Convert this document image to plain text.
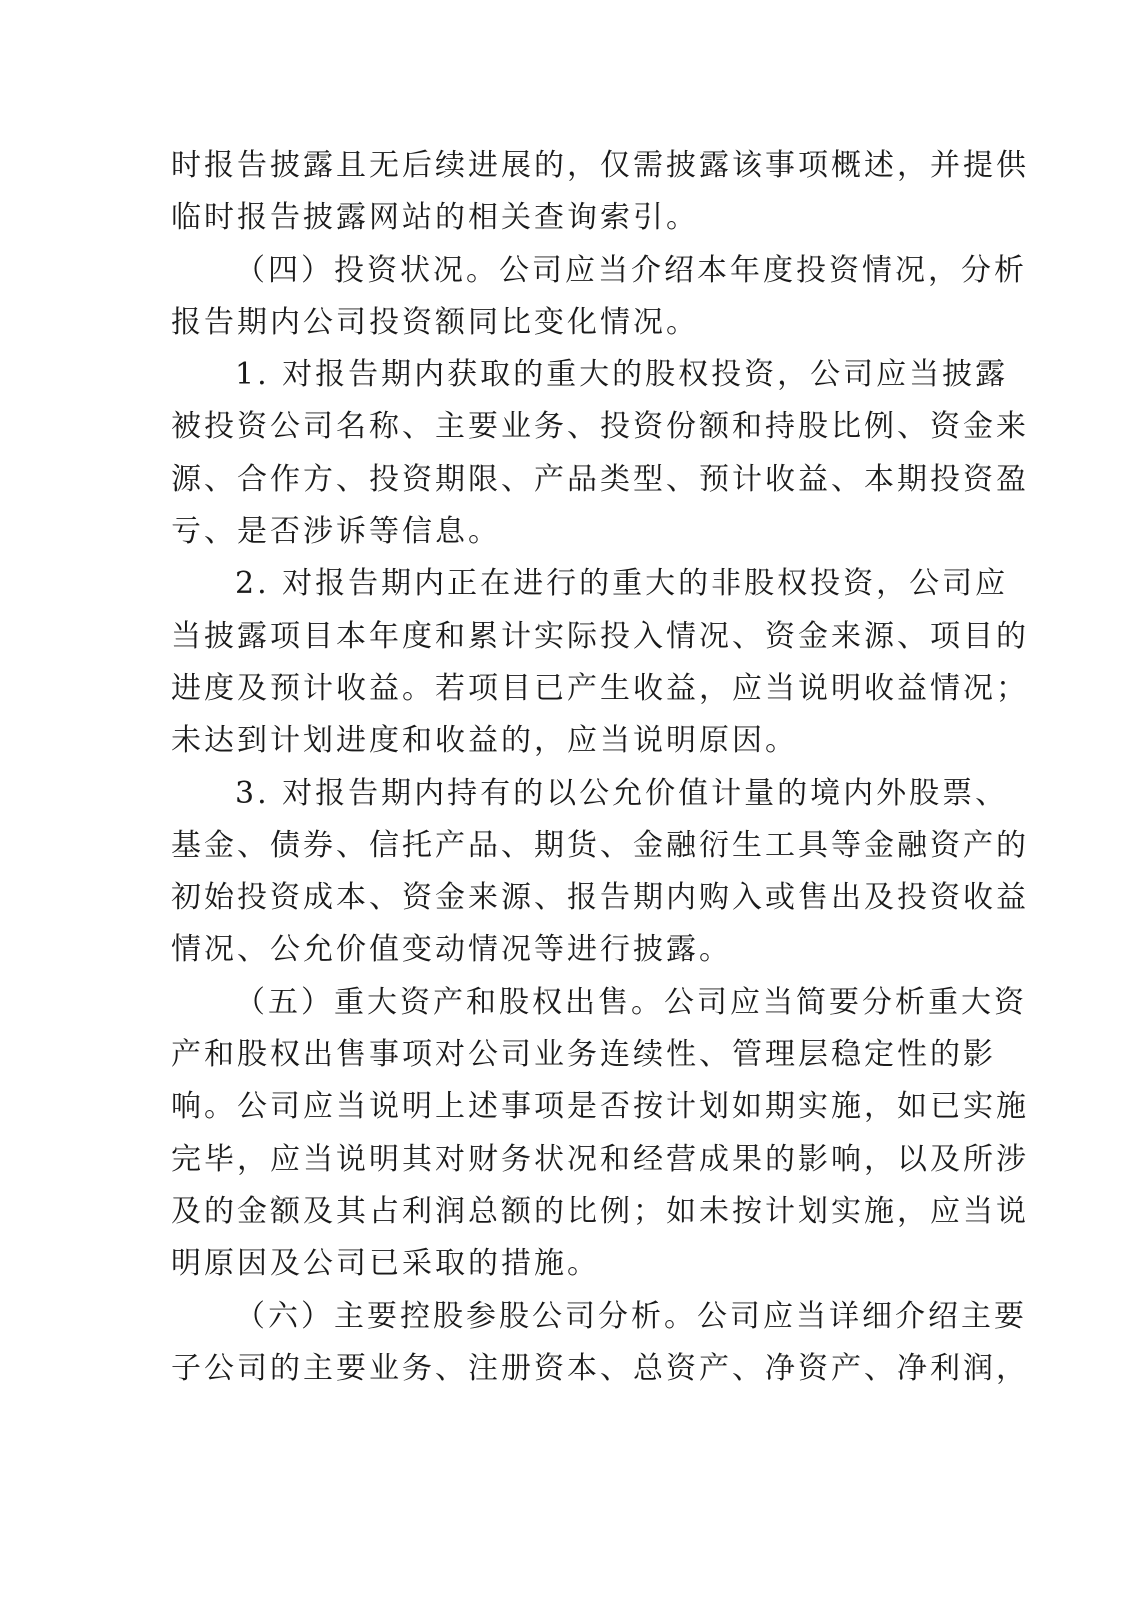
时报告披露且无后续进展的，仅需披露该事项概述，并提供
临时报告披露网站的相关查询索引。
（四）投资状况。公司应当介绍本年度投资情况，分析
报告期内公司投资额同比变化情况。
1. 对报告期内获取的重大的股权投资，公司应当披露
被投资公司名称、主要业务、投资份额和持股比例、资金来
源、合作方、投资期限、产品类型、预计收益、本期投资盈
亏、是否涉诉等信息。
2. 对报告期内正在进行的重大的非股权投资，公司应
当披露项目本年度和累计实际投入情况、资金来源、项目的
进度及预计收益。若项目已产生收益，应当说明收益情况；
未达到计划进度和收益的，应当说明原因。
3. 对报告期内持有的以公允价值计量的境内外股票、
基金、债券、信托产品、期货、金融衍生工具等金融资产的
初始投资成本、资金来源、报告期内购入或售出及投资收益
情况、公允价值变动情况等进行披露。
（五）重大资产和股权出售。公司应当简要分析重大资
产和股权出售事项对公司业务连续性、管理层稳定性的影
响。公司应当说明上述事项是否按计划如期实施，如已实施
完毕，应当说明其对财务状况和经营成果的影响，以及所涉
及的金额及其占利润总额的比例；如未按计划实施，应当说
明原因及公司已采取的措施。
（六）主要控股参股公司分析。公司应当详细介绍主要
子公司的主要业务、注册资本、总资产、净资产、净利润，
